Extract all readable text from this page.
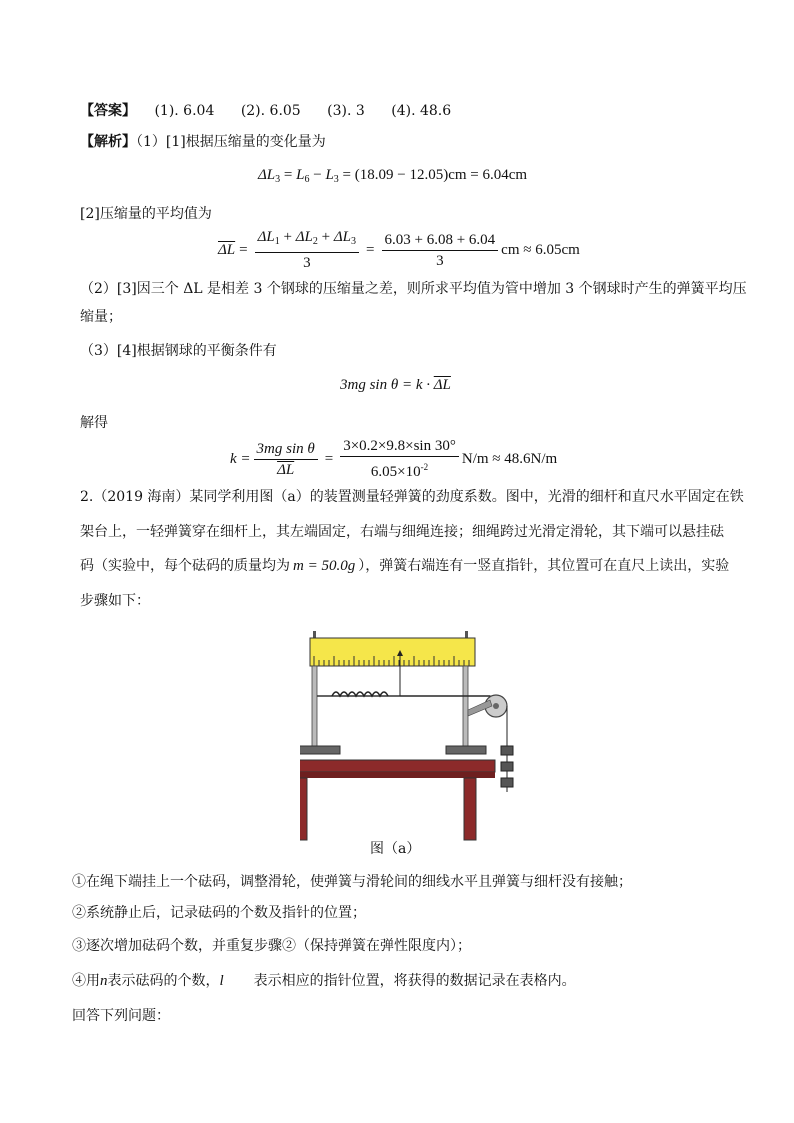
【答案】 (1). 6.04 (2). 6.05 (3). 3 (4). 48.6
【解析】（1）[1]根据压缩量的变化量为
$\Delta L_3 = L_6 - L_3 = (18.09 - 12.05)cm = 6.04cm$
[2]压缩量的平均值为
$\overline{\Delta L} = \frac{\Delta L_1 + \Delta L_2 + \Delta L_3}{3} = \frac{6.03 + 6.08 + 6.04}{3}$ cm ≈ 6.05cm
（2）[3]因三个 ΔL 是相差 3 个钢球的压缩量之差，则所求平均值为管中增加 3 个钢球时产生的弹簧平均压
缩量；
（3）[4]根据钢球的平衡条件有
3mg $\sin \theta = k \cdot \overline{\Delta L}$
解得
$k = \frac{\text{3mg sin θ}}{\Delta L} = \frac{3\times 0.2\times 9.8\times\sin 30^\circ}{6.05\times 10^{-2}} N/m \approx 48.6N/m$
2.（2019 海南）某同学利用图（a）的装置测量轻弹簧的劲度系数。图中，光滑的细杆和直尺水平固定在铁
架台上，一轻弹簧穿在细杆上，其左端固定，右端与细绳连接；细绳跨过光滑定滑轮，其下端可以悬挂砝
码（实验中，每个砝码的质量均为 m = 50.0g ），弹簧右端连有一竖直指针，其位置可在直尺上读出，实验
步骤如下：
图（a）
①在绳下端挂上一个砝码，调整滑轮，使弹簧与滑轮间的细线水平且弹簧与细杆没有接触；
②系统静止后，记录砝码的个数及指针的位置；
③逐次增加砝码个数，并重复步骤②（保持弹簧在弹性限度内）；
④用n表示砝码的个数，l 表示相应的指针位置，将获得的数据记录在表格内。
回答下列问题：
